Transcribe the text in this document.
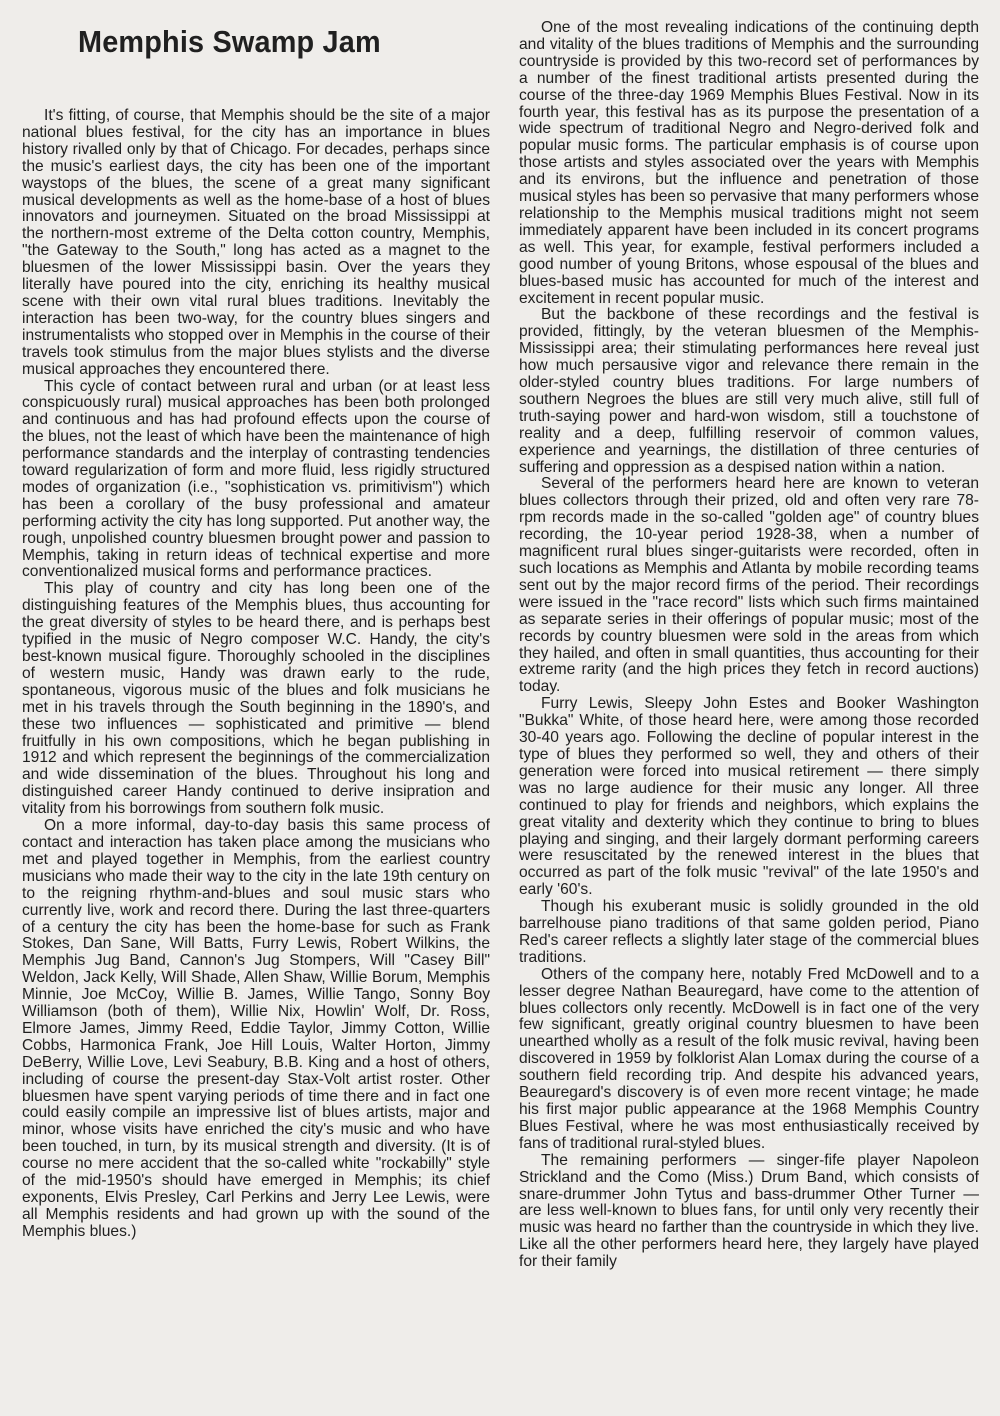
Memphis Swamp Jam

It's fitting, of course, that Memphis should be the site of a major national blues festival, for the city has an importance in blues history rivalled only by that of Chicago. For decades, perhaps since the music's earliest days, the city has been one of the important waystops of the blues, the scene of a great many significant musical developments as well as the home-base of a host of blues innovators and journeymen. Situated on the broad Mississippi at the northern-most extreme of the Delta cotton country, Memphis, "the Gateway to the South," long has acted as a magnet to the bluesmen of the lower Mississippi basin. Over the years they literally have poured into the city, enriching its healthy musical scene with their own vital rural blues traditions. Inevitably the interaction has been two-way, for the country blues singers and instrumentalists who stopped over in Memphis in the course of their travels took stimulus from the major blues stylists and the diverse musical approaches they encountered there.

This cycle of contact between rural and urban (or at least less conspicuously rural) musical approaches has been both prolonged and continuous and has had profound effects upon the course of the blues, not the least of which have been the maintenance of high performance standards and the interplay of contrasting tendencies toward regularization of form and more fluid, less rigidly structured modes of organization (i.e., "sophistication vs. primitivism") which has been a corollary of the busy professional and amateur performing activity the city has long supported. Put another way, the rough, unpolished country bluesmen brought power and passion to Memphis, taking in return ideas of technical expertise and more conventionalized musical forms and performance practices.

This play of country and city has long been one of the distinguishing features of the Memphis blues, thus accounting for the great diversity of styles to be heard there, and is perhaps best typified in the music of Negro composer W.C. Handy, the city's best-known musical figure. Thoroughly schooled in the disciplines of western music, Handy was drawn early to the rude, spontaneous, vigorous music of the blues and folk musicians he met in his travels through the South beginning in the 1890's, and these two influences — sophisticated and primitive — blend fruitfully in his own compositions, which he began publishing in 1912 and which represent the beginnings of the commercialization and wide dissemination of the blues. Throughout his long and distinguished career Handy continued to derive insipration and vitality from his borrowings from southern folk music.

On a more informal, day-to-day basis this same process of contact and interaction has taken place among the musicians who met and played together in Memphis, from the earliest country musicians who made their way to the city in the late 19th century on to the reigning rhythm-and-blues and soul music stars who currently live, work and record there. During the last three-quarters of a century the city has been the home-base for such as Frank Stokes, Dan Sane, Will Batts, Furry Lewis, Robert Wilkins, the Memphis Jug Band, Cannon's Jug Stompers, Will "Casey Bill" Weldon, Jack Kelly, Will Shade, Allen Shaw, Willie Borum, Memphis Minnie, Joe McCoy, Willie B. James, Willie Tango, Sonny Boy Williamson (both of them), Willie Nix, Howlin' Wolf, Dr. Ross, Elmore James, Jimmy Reed, Eddie Taylor, Jimmy Cotton, Willie Cobbs, Harmonica Frank, Joe Hill Louis, Walter Horton, Jimmy DeBerry, Willie Love, Levi Seabury, B.B. King and a host of others, including of course the present-day Stax-Volt artist roster. Other bluesmen have spent varying periods of time there and in fact one could easily compile an impressive list of blues artists, major and minor, whose visits have enriched the city's music and who have been touched, in turn, by its musical strength and diversity. (It is of course no mere accident that the so-called white "rockabilly" style of the mid-1950's should have emerged in Memphis; its chief exponents, Elvis Presley, Carl Perkins and Jerry Lee Lewis, were all Memphis residents and had grown up with the sound of the Memphis blues.)

One of the most revealing indications of the continuing depth and vitality of the blues traditions of Memphis and the surrounding countryside is provided by this two-record set of performances by a number of the finest traditional artists presented during the course of the three-day 1969 Memphis Blues Festival. Now in its fourth year, this festival has as its purpose the presentation of a wide spectrum of traditional Negro and Negro-derived folk and popular music forms. The particular emphasis is of course upon those artists and styles associated over the years with Memphis and its environs, but the influence and penetration of those musical styles has been so pervasive that many performers whose relationship to the Memphis musical traditions might not seem immediately apparent have been included in its concert programs as well. This year, for example, festival performers included a good number of young Britons, whose espousal of the blues and blues-based music has accounted for much of the interest and excitement in recent popular music.

But the backbone of these recordings and the festival is provided, fittingly, by the veteran bluesmen of the Memphis-Mississippi area; their stimulating performances here reveal just how much persausive vigor and relevance there remain in the older-styled country blues traditions. For large numbers of southern Negroes the blues are still very much alive, still full of truth-saying power and hard-won wisdom, still a touchstone of reality and a deep, fulfilling reservoir of common values, experience and yearnings, the distillation of three centuries of suffering and oppression as a despised nation within a nation.

Several of the performers heard here are known to veteran blues collectors through their prized, old and often very rare 78-rpm records made in the so-called "golden age" of country blues recording, the 10-year period 1928-38, when a number of magnificent rural blues singer-guitarists were recorded, often in such locations as Memphis and Atlanta by mobile recording teams sent out by the major record firms of the period. Their recordings were issued in the "race record" lists which such firms maintained as separate series in their offerings of popular music; most of the records by country bluesmen were sold in the areas from which they hailed, and often in small quantities, thus accounting for their extreme rarity (and the high prices they fetch in record auctions) today.

Furry Lewis, Sleepy John Estes and Booker Washington "Bukka" White, of those heard here, were among those recorded 30-40 years ago. Following the decline of popular interest in the type of blues they performed so well, they and others of their generation were forced into musical retirement — there simply was no large audience for their music any longer. All three continued to play for friends and neighbors, which explains the great vitality and dexterity which they continue to bring to blues playing and singing, and their largely dormant performing careers were resuscitated by the renewed interest in the blues that occurred as part of the folk music "revival" of the late 1950's and early '60's.

Though his exuberant music is solidly grounded in the old barrelhouse piano traditions of that same golden period, Piano Red's career reflects a slightly later stage of the commercial blues traditions.

Others of the company here, notably Fred McDowell and to a lesser degree Nathan Beauregard, have come to the attention of blues collectors only recently. McDowell is in fact one of the very few significant, greatly original country bluesmen to have been unearthed wholly as a result of the folk music revival, having been discovered in 1959 by folklorist Alan Lomax during the course of a southern field recording trip. And despite his advanced years, Beauregard's discovery is of even more recent vintage; he made his first major public appearance at the 1968 Memphis Country Blues Festival, where he was most enthusiastically received by fans of traditional rural-styled blues.

The remaining performers — singer-fife player Napoleon Strickland and the Como (Miss.) Drum Band, which consists of snare-drummer John Tytus and bass-drummer Other Turner — are less well-known to blues fans, for until only very recently their music was heard no farther than the countryside in which they live. Like all the other performers heard here, they largely have played for their family
